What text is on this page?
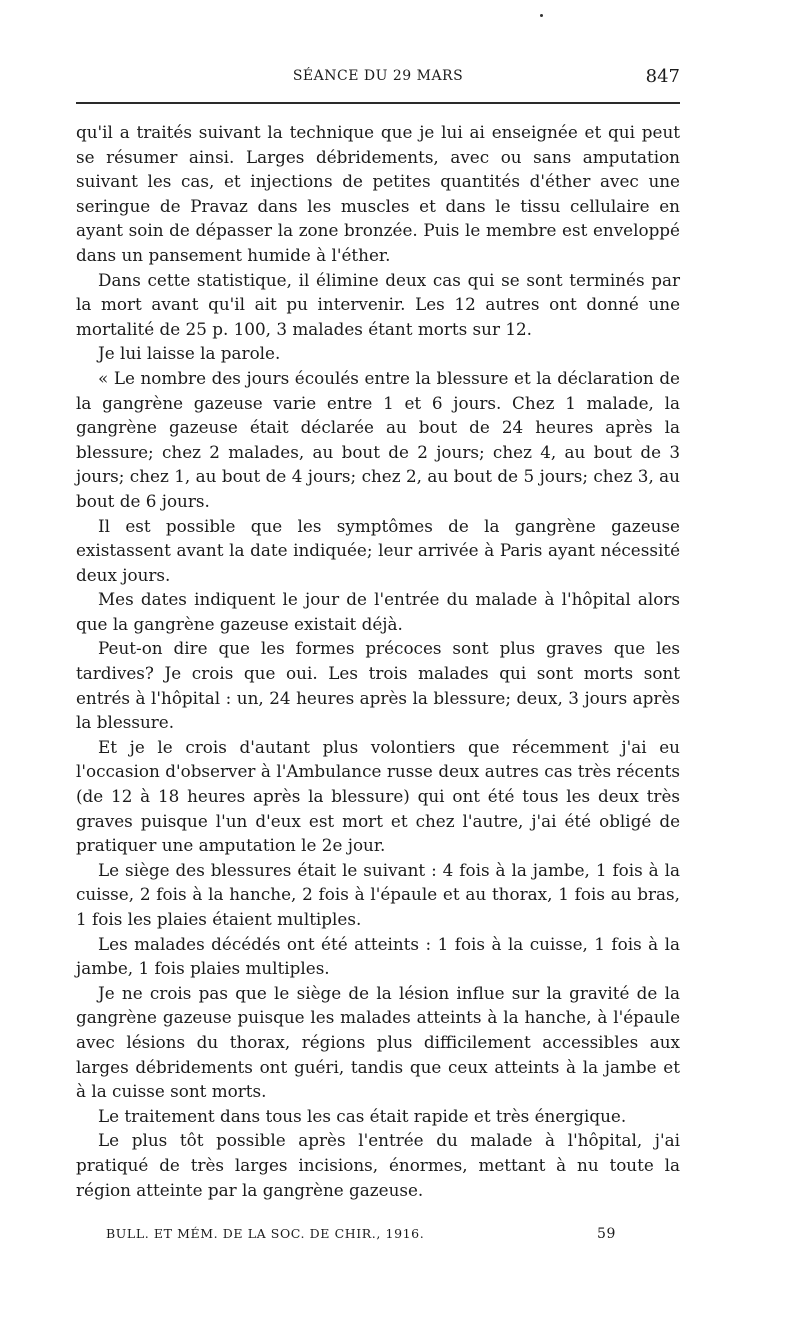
SÉANCE DU 29 MARS	847

qu'il a traités suivant la technique que je lui ai enseignée et qui peut se résumer ainsi. Larges débridements, avec ou sans amputation suivant les cas, et injections de petites quantités d'éther avec une seringue de Pravaz dans les muscles et dans le tissu cellulaire en ayant soin de dépasser la zone bronzée. Puis le membre est enveloppé dans un pansement humide à l'éther.

Dans cette statistique, il élimine deux cas qui se sont terminés par la mort avant qu'il ait pu intervenir. Les 12 autres ont donné une mortalité de 25 p. 100, 3 malades étant morts sur 12.

Je lui laisse la parole.

« Le nombre des jours écoulés entre la blessure et la déclaration de la gangrène gazeuse varie entre 1 et 6 jours. Chez 1 malade, la gangrène gazeuse était déclarée au bout de 24 heures après la blessure; chez 2 malades, au bout de 2 jours; chez 4, au bout de 3 jours; chez 1, au bout de 4 jours; chez 2, au bout de 5 jours; chez 3, au bout de 6 jours.

Il est possible que les symptômes de la gangrène gazeuse existassent avant la date indiquée; leur arrivée à Paris ayant nécessité deux jours.

Mes dates indiquent le jour de l'entrée du malade à l'hôpital alors que la gangrène gazeuse existait déjà.

Peut-on dire que les formes précoces sont plus graves que les tardives? Je crois que oui. Les trois malades qui sont morts sont entrés à l'hôpital : un, 24 heures après la blessure; deux, 3 jours après la blessure.

Et je le crois d'autant plus volontiers que récemment j'ai eu l'occasion d'observer à l'Ambulance russe deux autres cas très récents (de 12 à 18 heures après la blessure) qui ont été tous les deux très graves puisque l'un d'eux est mort et chez l'autre, j'ai été obligé de pratiquer une amputation le 2e jour.

Le siège des blessures était le suivant : 4 fois à la jambe, 1 fois à la cuisse, 2 fois à la hanche, 2 fois à l'épaule et au thorax, 1 fois au bras, 1 fois les plaies étaient multiples.

Les malades décédés ont été atteints : 1 fois à la cuisse, 1 fois à la jambe, 1 fois plaies multiples.

Je ne crois pas que le siège de la lésion influe sur la gravité de la gangrène gazeuse puisque les malades atteints à la hanche, à l'épaule avec lésions du thorax, régions plus difficilement accessibles aux larges débridements ont guéri, tandis que ceux atteints à la jambe et à la cuisse sont morts.

Le traitement dans tous les cas était rapide et très énergique.

Le plus tôt possible après l'entrée du malade à l'hôpital, j'ai pratiqué de très larges incisions, énormes, mettant à nu toute la région atteinte par la gangrène gazeuse.

BULL. ET MÉM. DE LA SOC. DE CHIR., 1916.	59
